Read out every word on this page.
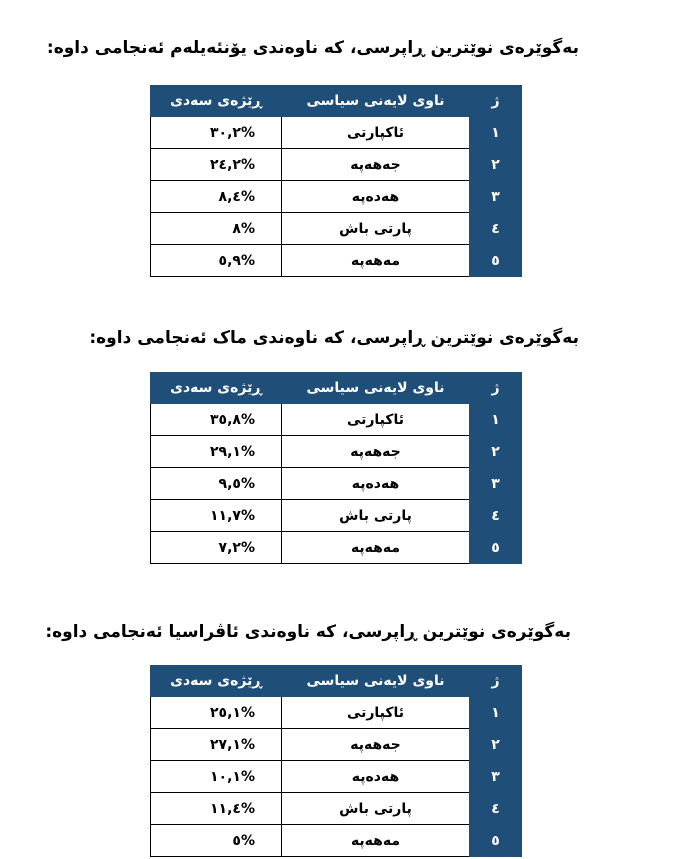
بەگوێرەی نوێترین ڕاپرسی، کە ناوەندی یۆنئەیلەم ئەنجامی داوە:
ژ	ناوی لایەنی سیاسی	ڕێژەی سەدی
١	ئاکپارتی	%٣٠,٢
٢	جەهەپە	%٢٤,٢
٣	هەدەپە	%٨,٤
٤	پارتی باش	%٨
٥	مەهەپە	%٥,٩
بەگوێرەی نوێترین ڕاپرسی، کە ناوەندی ماک ئەنجامی داوە:
ژ	ناوی لایەنی سیاسی	ڕێژەی سەدی
١	ئاکپارتی	%٣٥,٨
٢	جەهەپە	%٢٩,١
٣	هەدەپە	%٩,٥
٤	پارتی باش	%١١,٧
٥	مەهەپە	%٧,٢
بەگوێرەی نوێترین ڕاپرسی، کە ناوەندی ئاڤراسیا ئەنجامی داوە:
ژ	ناوی لایەنی سیاسی	ڕێژەی سەدی
١	ئاکپارتی	%٢٥,١
٢	جەهەپە	%٢٧,١
٣	هەدەپە	%١٠,١
٤	پارتی باش	%١١,٤
٥	مەهەپە	%٥
